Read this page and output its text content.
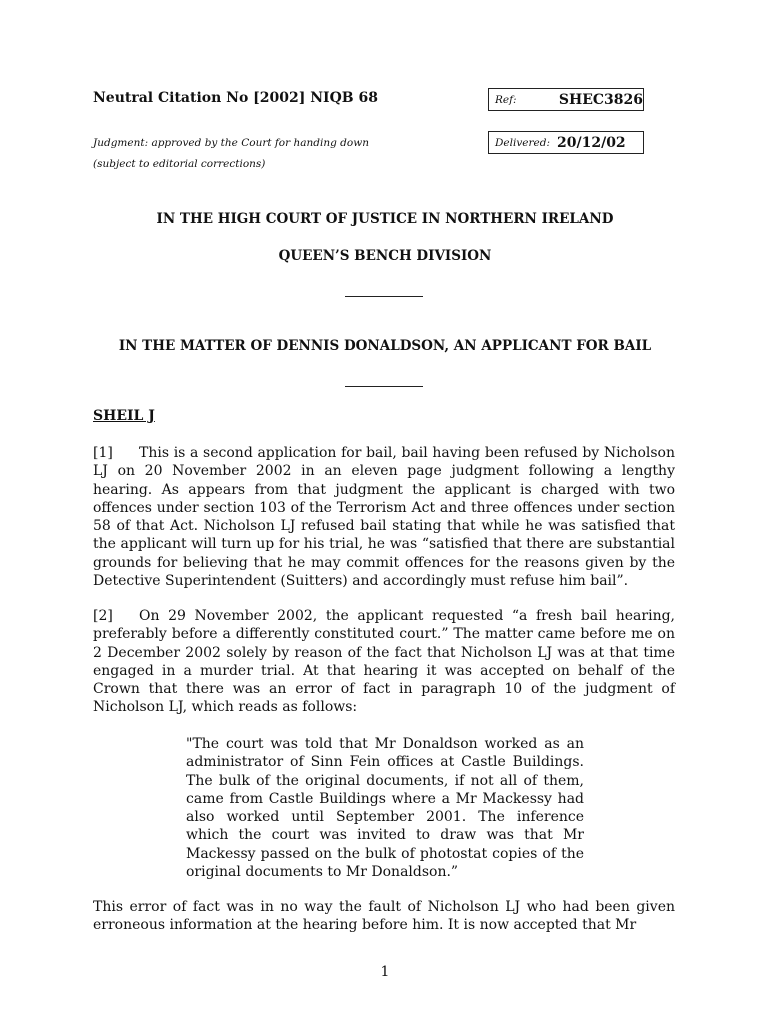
Neutral Citation No [2002] NIQB 68
Judgment: approved by the Court for handing down
(subject to editorial corrections)
Ref:	SHEC3826
Delivered: 20/12/02
IN THE HIGH COURT OF JUSTICE IN NORTHERN IRELAND
QUEEN’S BENCH DIVISION
IN THE MATTER OF DENNIS DONALDSON, AN APPLICANT FOR BAIL
SHEIL J

[1] This is a second application for bail, bail having been refused by Nicholson LJ on 20 November 2002 in an eleven page judgment following a lengthy hearing. As appears from that judgment the applicant is charged with two offences under section 103 of the Terrorism Act and three offences under section 58 of that Act. Nicholson LJ refused bail stating that while he was satisfied that the applicant will turn up for his trial, he was “satisfied that there are substantial grounds for believing that he may commit offences for the reasons given by the Detective Superintendent (Suitters) and accordingly must refuse him bail”.

[2] On 29 November 2002, the applicant requested “a fresh bail hearing, preferably before a differently constituted court.” The matter came before me on 2 December 2002 solely by reason of the fact that Nicholson LJ was at that time engaged in a murder trial. At that hearing it was accepted on behalf of the Crown that there was an error of fact in paragraph 10 of the judgment of Nicholson LJ, which reads as follows:

"The court was told that Mr Donaldson worked as an administrator of Sinn Fein offices at Castle Buildings. The bulk of the original documents, if not all of them, came from Castle Buildings where a Mr Mackessy had also worked until September 2001. The inference which the court was invited to draw was that Mr Mackessy passed on the bulk of photostat copies of the original documents to Mr Donaldson.”

This error of fact was in no way the fault of Nicholson LJ who had been given erroneous information at the hearing before him. It is now accepted that Mr

1
